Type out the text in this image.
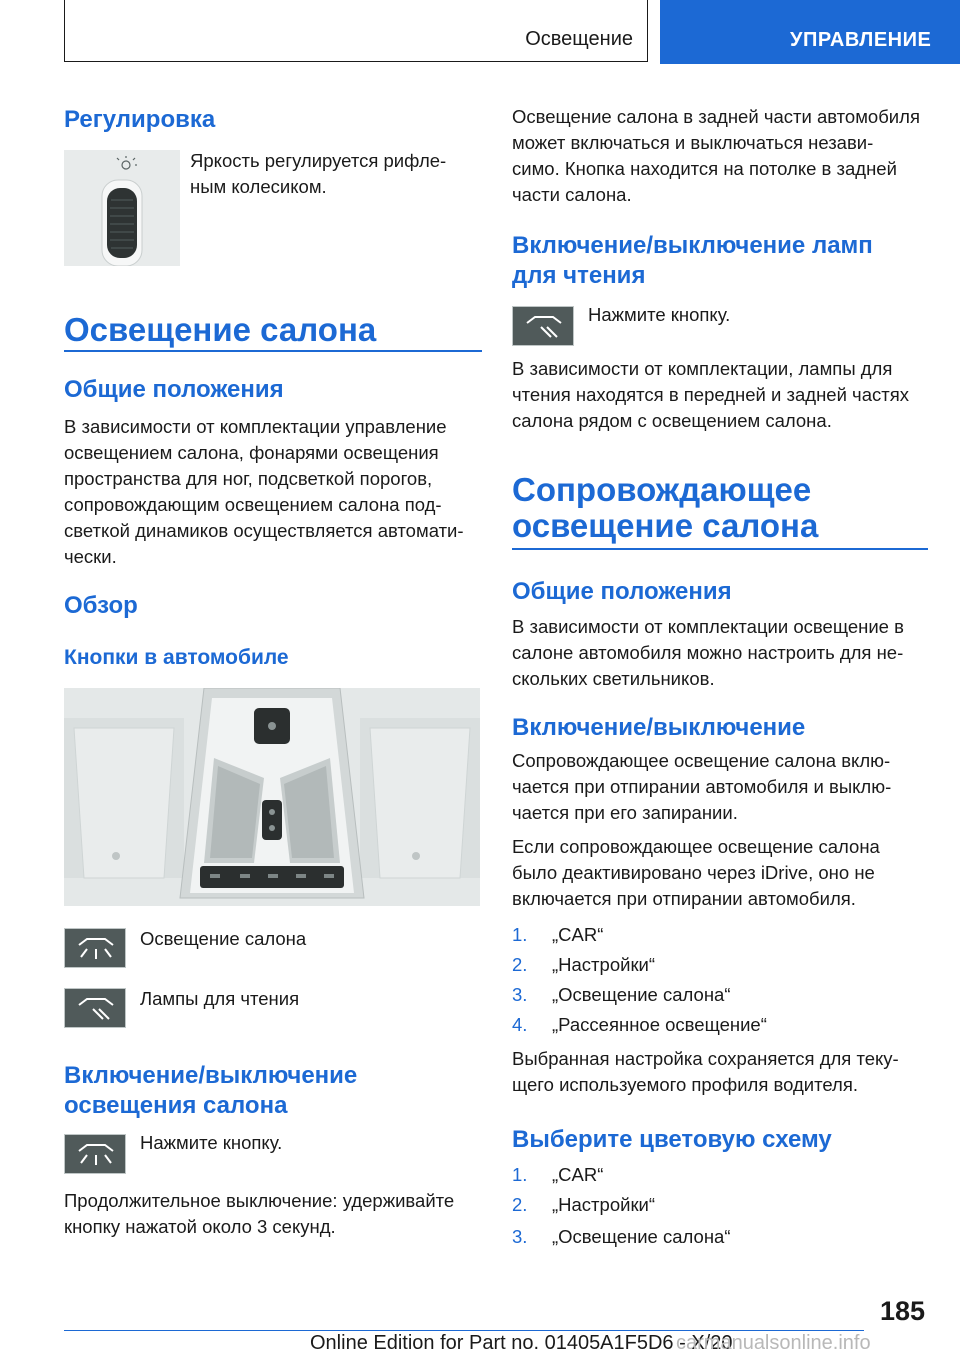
Освещение	УПРАВЛЕНИЕ
Регулировка
Яркость регулируется рифле-
ным колесиком.
Освещение салона
Общие положения
В зависимости от комплектации управление
освещением салона, фонарями освещения
пространства для ног, подсветкой порогов,
сопровождающим освещением салона под-
светкой динамиков осуществляется автомати-
чески.
Обзор
Кнопки в автомобиле
Освещение салона
Лампы для чтения
Включение/выключение
освещения салона
Нажмите кнопку.
Продолжительное выключение: удерживайте
кнопку нажатой около 3 секунд.
Освещение салона в задней части автомобиля
может включаться и выключаться незави-
симо. Кнопка находится на потолке в задней
части салона.
Включение/выключение ламп
для чтения
Нажмите кнопку.
В зависимости от комплектации, лампы для
чтения находятся в передней и задней частях
салона рядом с освещением салона.
Сопровождающее
освещение салона
Общие положения
В зависимости от комплектации освещение в
салоне автомобиля можно настроить для не-
скольких светильников.
Включение/выключение
Сопровождающее освещение салона вклю-
чается при отпирании автомобиля и выклю-
чается при его запирании.
Если сопровождающее освещение салона
было деактивировано через iDrive, оно не
включается при отпирании автомобиля.
1. „CAR“
2. „Настройки“
3. „Освещение салона“
4. „Рассеянное освещение“
Выбранная настройка сохраняется для теку-
щего используемого профиля водителя.
Выберите цветовую схему
1. „CAR“
2. „Настройки“
3. „Освещение салона“
185
Online Edition for Part no. 01405A1F5D6 - X/20
carmanualsonline.info
